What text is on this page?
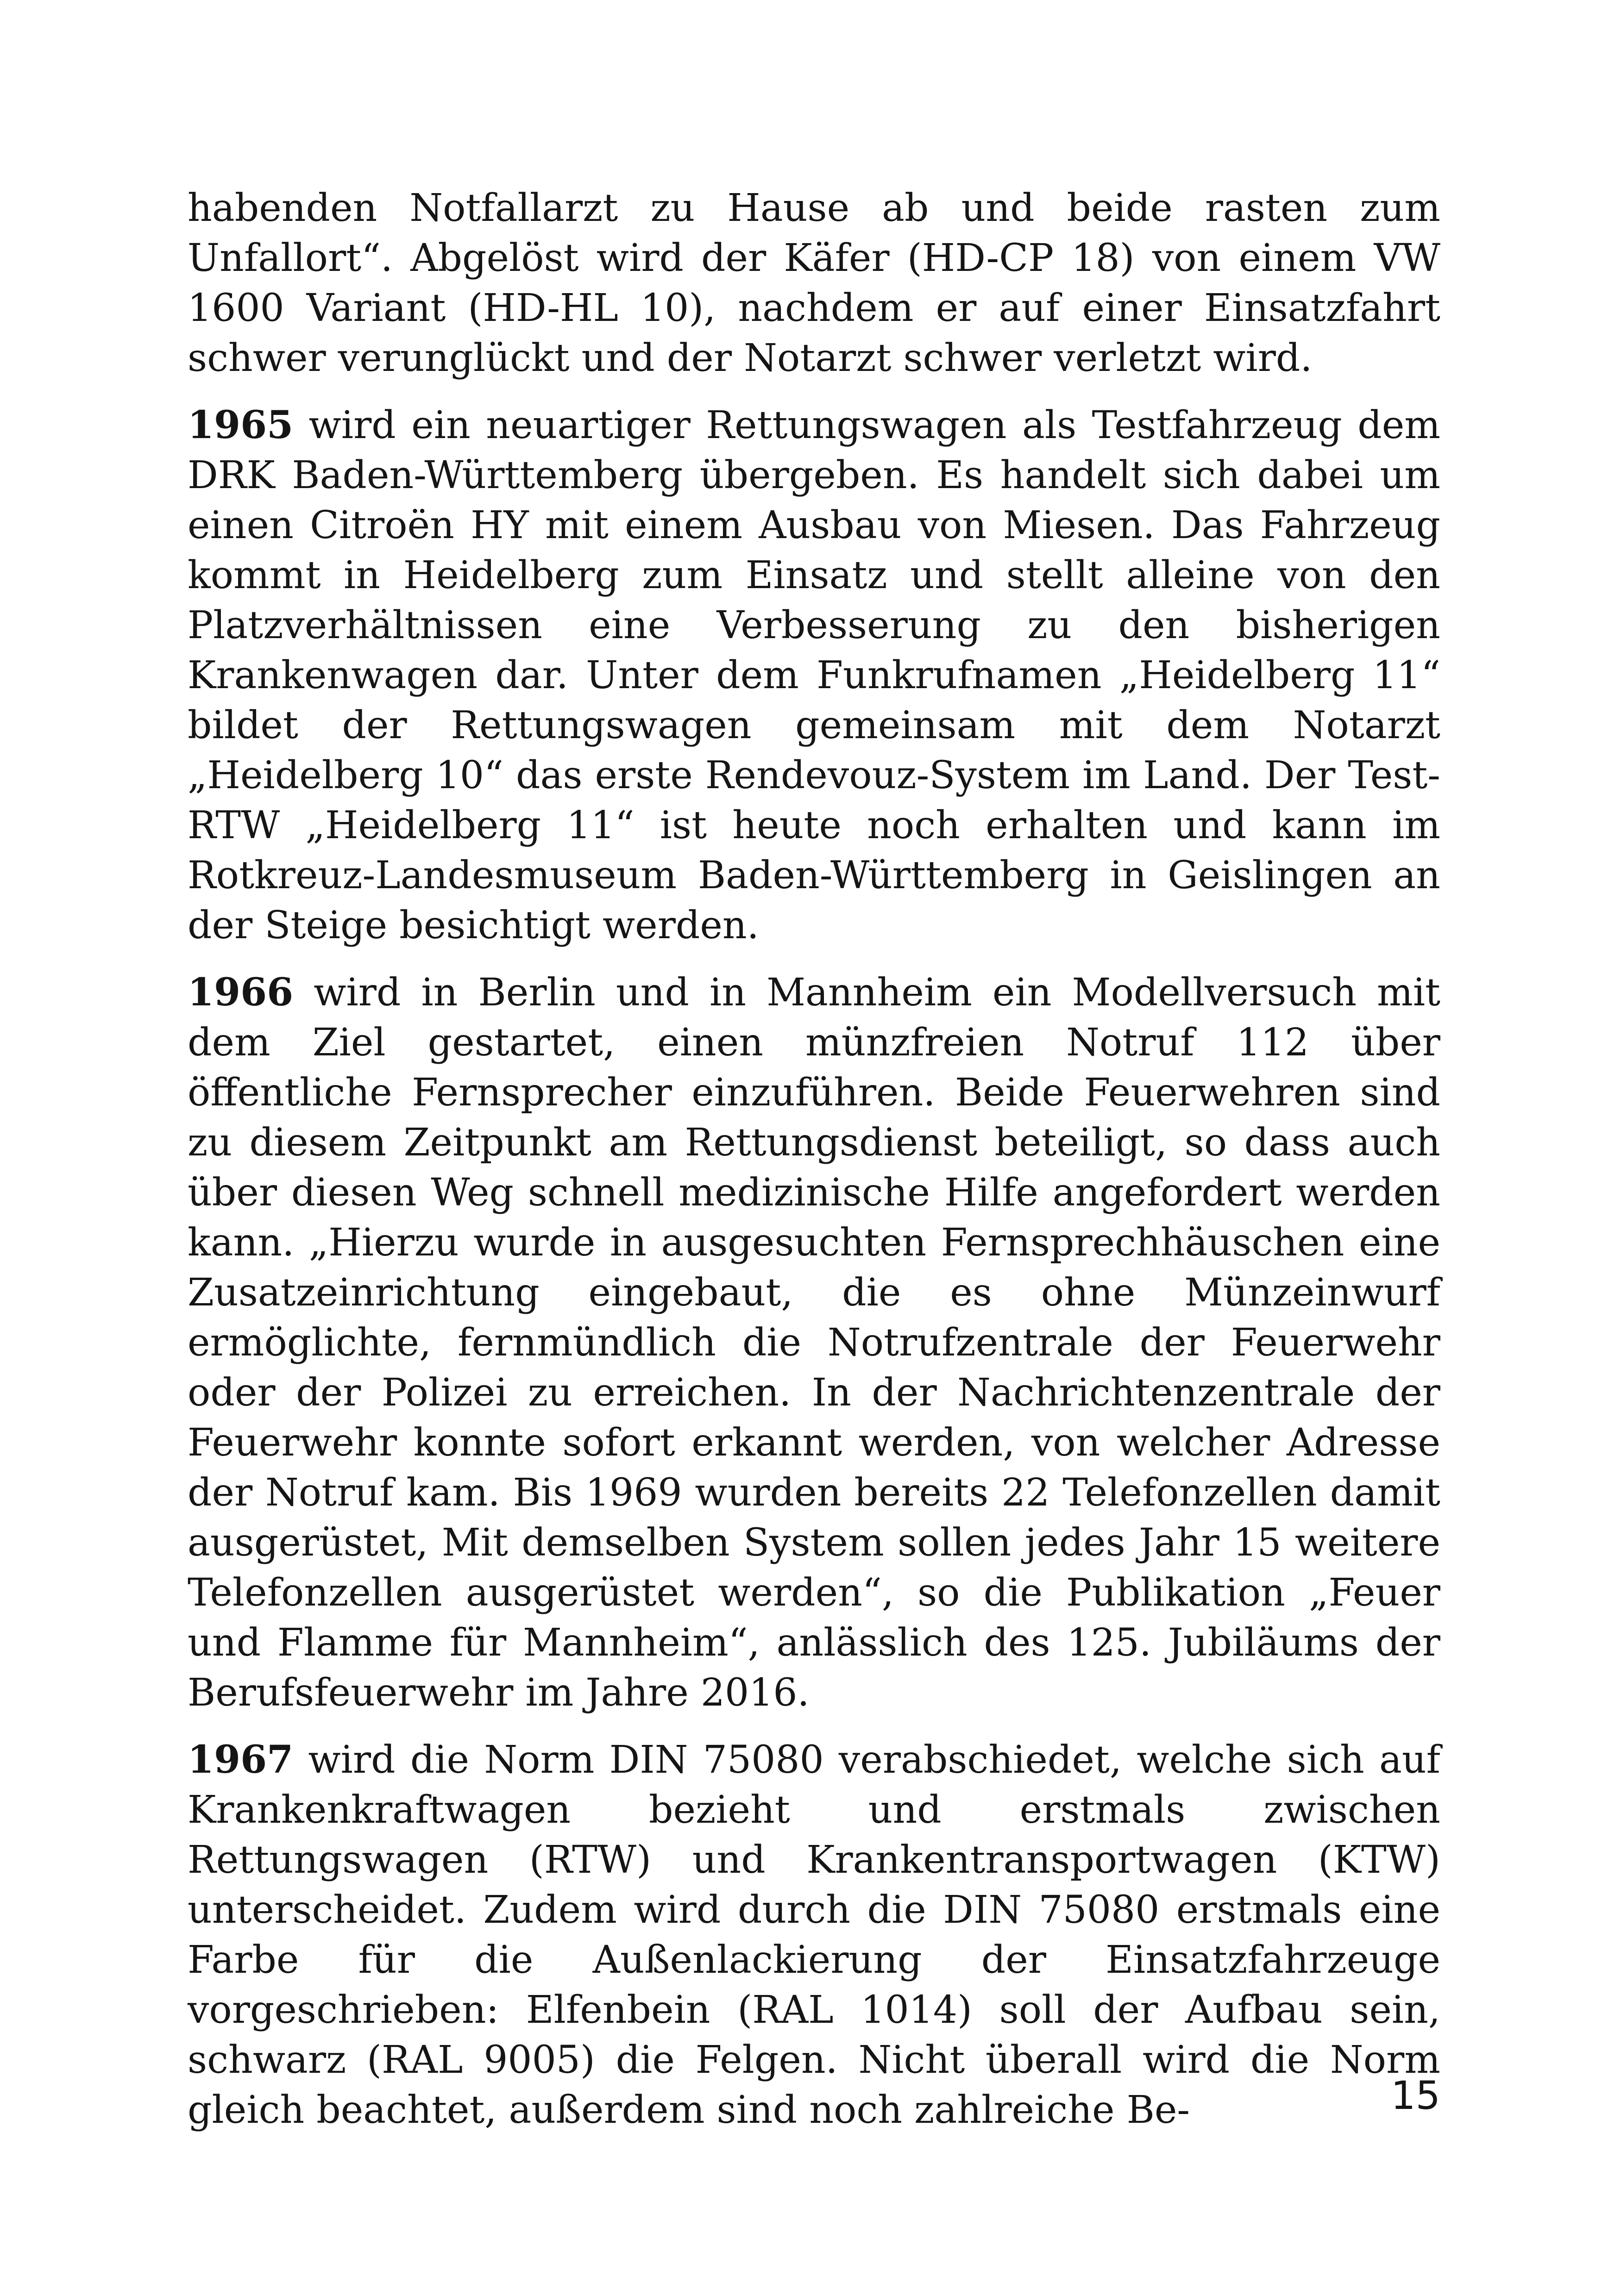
habenden Notfallarzt zu Hause ab und beide rasten zum Unfallort“. Abgelöst wird der Käfer (HD-CP 18) von einem VW 1600 Variant (HD-HL 10), nachdem er auf einer Einsatzfahrt schwer verunglückt und der Notarzt schwer verletzt wird.

1965 wird ein neuartiger Rettungswagen als Testfahrzeug dem DRK Baden-Württemberg übergeben. Es handelt sich dabei um einen Citroën HY mit einem Ausbau von Miesen. Das Fahrzeug kommt in Heidelberg zum Einsatz und stellt alleine von den Platzverhältnissen eine Verbesserung zu den bisherigen Krankenwagen dar. Unter dem Funkrufnamen „Heidelberg 11“ bildet der Rettungswagen gemeinsam mit dem Notarzt „Heidelberg 10“ das erste Rendevouz-System im Land. Der Test-RTW „Heidelberg 11“ ist heute noch erhalten und kann im Rotkreuz-Landesmuseum Baden-Württemberg in Geislingen an der Steige besichtigt werden.

1966 wird in Berlin und in Mannheim ein Modellversuch mit dem Ziel gestartet, einen münzfreien Notruf 112 über öffentliche Fernsprecher einzuführen. Beide Feuerwehren sind zu diesem Zeitpunkt am Rettungsdienst beteiligt, so dass auch über diesen Weg schnell medizinische Hilfe angefordert werden kann. „Hierzu wurde in ausgesuchten Fernsprechhäuschen eine Zusatzeinrichtung eingebaut, die es ohne Münzeinwurf ermöglichte, fernmündlich die Notrufzentrale der Feuerwehr oder der Polizei zu erreichen. In der Nachrichtenzentrale der Feuerwehr konnte sofort erkannt werden, von welcher Adresse der Notruf kam. Bis 1969 wurden bereits 22 Telefonzellen damit ausgerüstet, Mit demselben System sollen jedes Jahr 15 weitere Telefonzellen ausgerüstet werden“, so die Publikation „Feuer und Flamme für Mannheim“, anlässlich des 125. Jubiläums der Berufsfeuerwehr im Jahre 2016.

1967 wird die Norm DIN 75080 verabschiedet, welche sich auf Krankenkraftwagen bezieht und erstmals zwischen Rettungswagen (RTW) und Krankentransportwagen (KTW) unterscheidet. Zudem wird durch die DIN 75080 erstmals eine Farbe für die Außenlackierung der Einsatzfahrzeuge vorgeschrieben: Elfenbein (RAL 1014) soll der Aufbau sein, schwarz (RAL 9005) die Felgen. Nicht überall wird die Norm gleich beachtet, außerdem sind noch zahlreiche Be-	15
